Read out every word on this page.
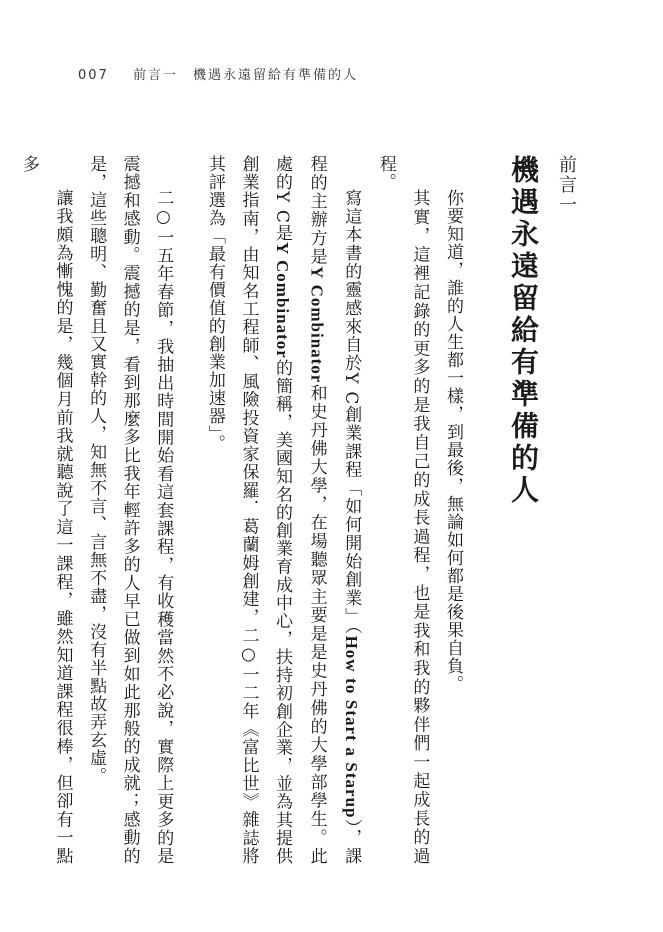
007 前言一　機遇永遠留給有準備的人
前言一
機遇永遠留給有準備的人

你要知道，誰的人生都一樣，到最後，無論如何都是後果自負。

其實，這裡記錄的更多的是我自己的成長過程，也是我和我的夥伴們一起成長的過程。

寫這本書的靈感來自於Y C創業課程「如何開始創業」（How to Start a Starup），課程的主辦方是Y Combinator和史丹佛大學，在場聽眾主要是是史丹佛的大學部學生。此處的Y C是Y Combinator的簡稱，美國知名的創業育成中心，扶持初創企業，並為其提供創業指南，由知名工程師、風險投資家保羅．葛蘭姆創建，二○一二年《富比世》雜誌將其評選為「最有價值的創業加速器」。

二○一五年春節，我抽出時間開始看這套課程，有收穫當然不必說，實際上更多的是震撼和感動。震撼的是，看到那麼多比我年輕許多的人早已做到如此那般的成就；感動的是，這些聰明、勤奮且又實幹的人，知無不言、言無不盡，沒有半點故弄玄虛。

讓我頗為慚愧的是，幾個月前我就聽說了這一課程，雖然知道課程很棒，但卻有一點多
